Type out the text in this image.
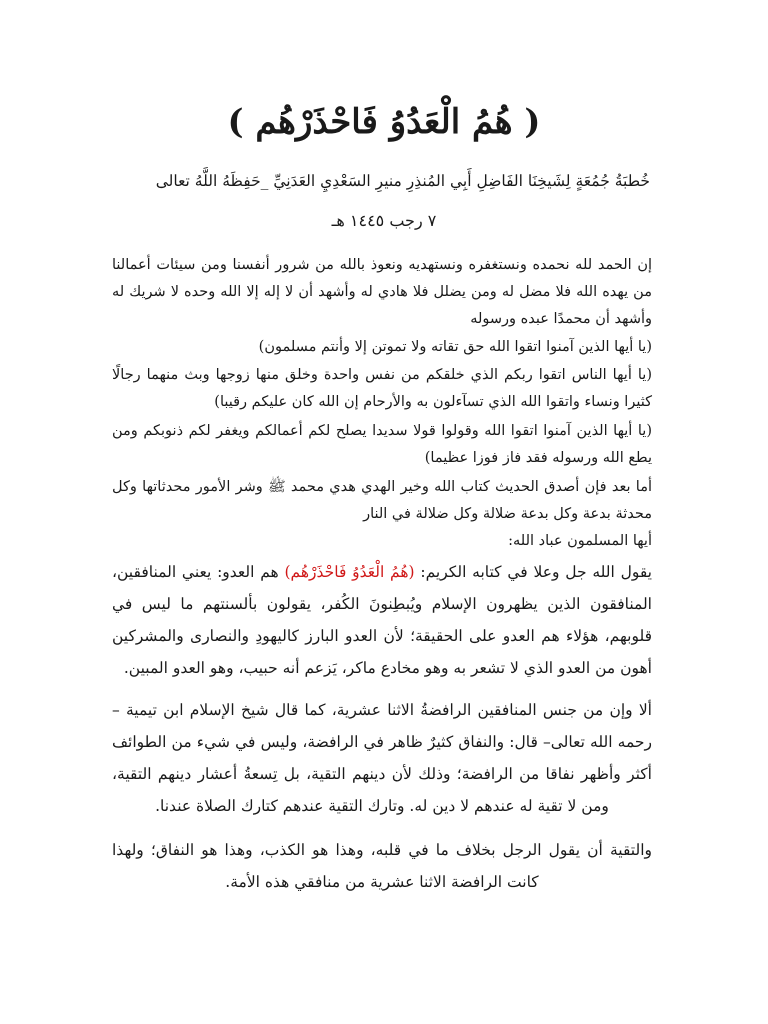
( هُمُ الْعَدُوُ فَاحْذَرْهُم )
خُطبَةُ جُمُعَةٍ لِشَيخِنَا الفَاضِلِ أَبِي المُنذِرِ منيرِ السَعْدِيِ العَدَنِيِّ _حَفِظَهُ اللَّهُ تعالى
٧ رجب ١٤٤٥ هـ
إن الحمد لله نحمده ونستغفره ونستهديه ونعوذ بالله من شرور أنفسنا ومن سيئات أعمالنا من يهده الله فلا مضل له ومن يضلل فلا هادي له وأشهد أن لا إله إلا الله وحده لا شريك له وأشهد أن محمدًا عبده ورسوله
(يا أيها الذين آمنوا اتقوا الله حق تقاته ولا تموتن إلا وأنتم مسلمون)
(يا أيها الناس اتقوا ربكم الذي خلقكم من نفس واحدة وخلق منها زوجها وبث منهما رجالًا كثيرا ونساء واتقوا الله الذي تسآءلون به والأرحام إن الله كان عليكم رقيبا)
(يا أيها الذين آمنوا اتقوا الله وقولوا قولا سديدا يصلح لكم أعمالكم ويغفر لكم ذنوبكم ومن يطع الله ورسوله فقد فاز فوزا عظيما)
أما بعد فإن أصدق الحديث كتاب الله وخير الهدي هدي محمد ﷺ وشر الأمور محدثاتها وكل محدثة بدعة وكل بدعة ضلالة وكل ضلالة في النار
أيها المسلمون عباد الله:
يقول الله جل وعلا في كتابه الكريم: (هُمُ الْعَدُوُ فَاحْذَرْهُم) هم العدو: يعني المنافقين، المنافقون الذين يظهرون الإسلام ويُبطِنونَ الكُفر، يقولون بألسنتهم ما ليس في قلوبهم، هؤلاء هم العدو على الحقيقة؛ لأن العدو البارز كاليهودِ والنصارى والمشركين أهون من العدو الذي لا تشعر به وهو مخادع ماكر، يَزعم أنه حبيب، وهو العدو المبين.
ألا وإن من جنس المنافقين الرافضةُ الاثنا عشرية، كما قال شيخ الإسلام ابن تيمية –رحمه الله تعالى– قال: والنفاق كثيرٌ ظاهر في الرافضة، وليس في شيء من الطوائف أكثر وأظهر نفاقا من الرافضة؛ وذلك لأن دينهم التقية، بل تِسعةُ أعشار دينهم التقية، ومن لا تقية له عندهم لا دين له. وتارك التقية عندهم كتارك الصلاة عندنا.
والتقية أن يقول الرجل بخلاف ما في قلبه، وهذا هو الكذب، وهذا هو النفاق؛ ولهذا كانت الرافضة الاثنا عشرية من منافقي هذه الأمة.
